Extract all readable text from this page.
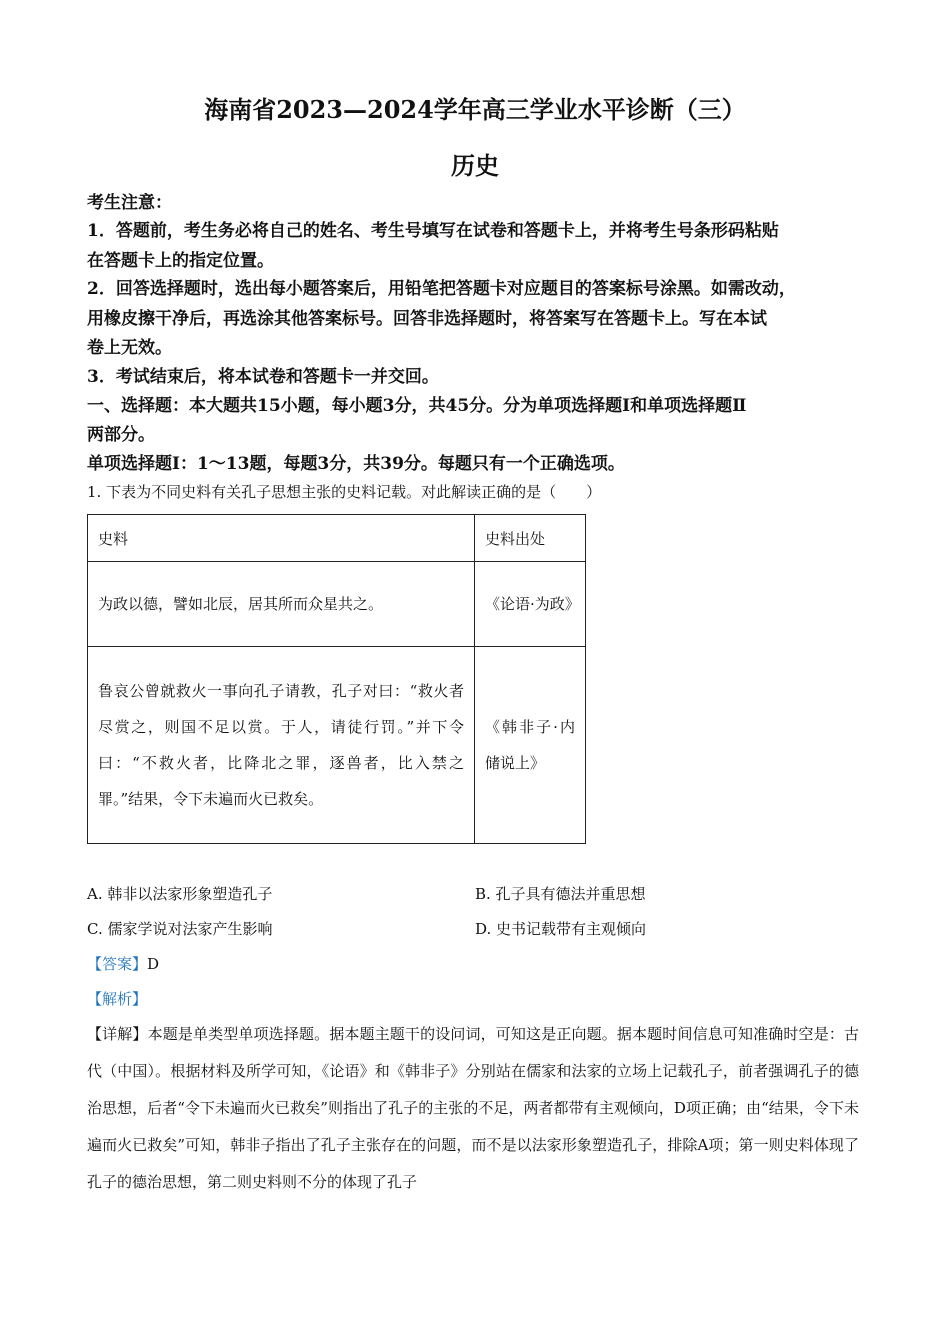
海南省2023—2024学年高三学业水平诊断（三）
历史
考生注意：
1．答题前，考生务必将自己的姓名、考生号填写在试卷和答题卡上，并将考生号条形码粘贴
在答题卡上的指定位置。
2．回答选择题时，选出每小题答案后，用铅笔把答题卡对应题目的答案标号涂黑。如需改动，
用橡皮擦干净后，再选涂其他答案标号。回答非选择题时，将答案写在答题卡上。写在本试
卷上无效。
3．考试结束后，将本试卷和答题卡一并交回。
一、选择题：本大题共15小题，每小题3分，共45分。分为单项选择题Ⅰ和单项选择题Ⅱ
两部分。
单项选择题Ⅰ：1～13题，每题3分，共39分。每题只有一个正确选项。
1. 下表为不同史料有关孔子思想主张的史料记载。对此解读正确的是（　　）
史料	史料出处
为政以德，譬如北辰，居其所而众星共之。	《论语·为政》
鲁哀公曾就救火一事向孔子请教，孔子对曰：“救火者尽赏之，则国不足以赏。于人，请徒行罚。”并下令曰：“不救火者，比降北之罪，逐兽者，比入禁之罪。”结果，令下未遍而火已救矣。	《韩非子·内储说上》
A. 韩非以法家形象塑造孔子	B. 孔子具有德法并重思想
C. 儒家学说对法家产生影响	D. 史书记载带有主观倾向
【答案】D
【解析】
【详解】本题是单类型单项选择题。据本题主题干的设问词，可知这是正向题。据本题时间信息可知准确时空是：古代（中国）。根据材料及所学可知，《论语》和《韩非子》分别站在儒家和法家的立场上记载孔子，前者强调孔子的德治思想，后者“令下未遍而火已救矣”则指出了孔子的主张的不足，两者都带有主观倾向，D项正确；由“结果，令下未遍而火已救矣”可知，韩非子指出了孔子主张存在的问题，而不是以法家形象塑造孔子，排除A项；第一则史料体现了孔子的德治思想，第二则史料则不分的体现了孔子
